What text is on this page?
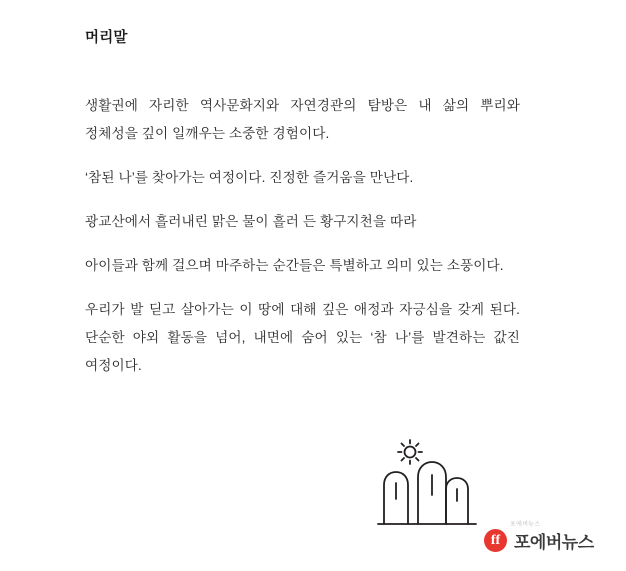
머리말

생활권에 자리한 역사문화지와 자연경관의 탐방은 내 삶의 뿌리와 정체성을 깊이 일깨우는 소중한 경험이다.

‘참된 나’를 찾아가는 여정이다. 진정한 즐거움을 만난다.

광교산에서 흘러내린 맑은 물이 흘러 든 황구지천을 따라

아이들과 함께 걸으며 마주하는 순간들은 특별하고 의미 있는 소풍이다.

우리가 발 딛고 살아가는 이 땅에 대해 깊은 애정과 자긍심을 갖게 된다. 단순한 야외 활동을 넘어, 내면에 숨어 있는 ‘참 나’를 발견하는 값진 여정이다.

ff 포에버뉴스
포에버뉴스
